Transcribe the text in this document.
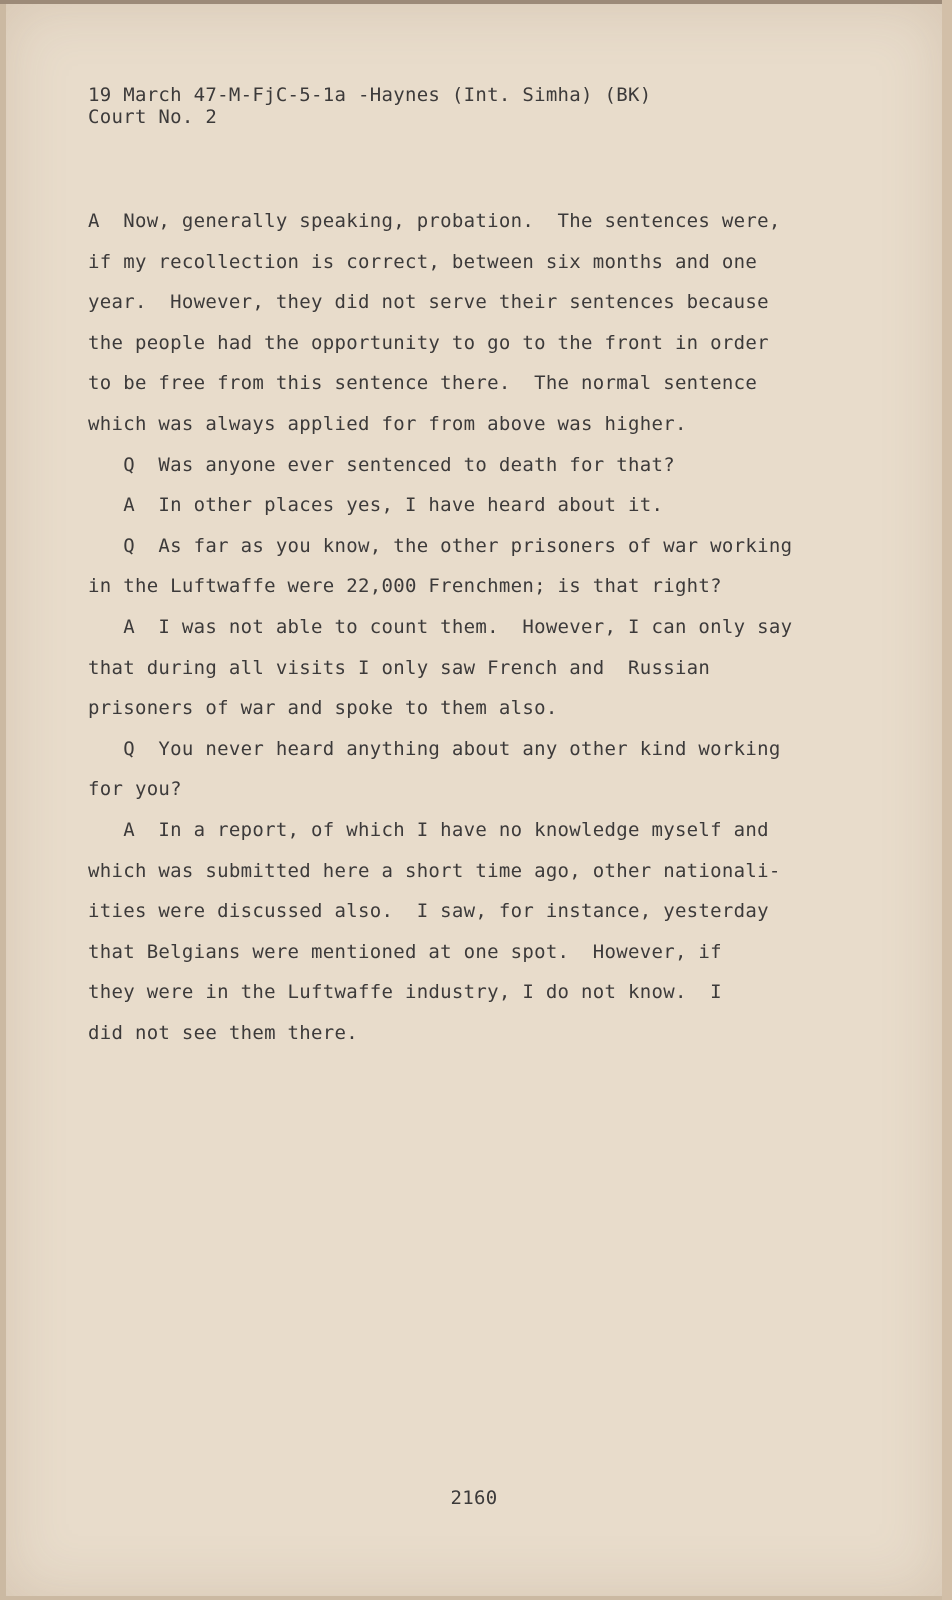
19 March 47-M-FjC-5-1a -Haynes (Int. Simha) (BK)
Court No. 2
A  Now, generally speaking, probation.  The sentences were,
if my recollection is correct, between six months and one
year.  However, they did not serve their sentences because
the people had the opportunity to go to the front in order
to be free from this sentence there.  The normal sentence
which was always applied for from above was higher.
Q  Was anyone ever sentenced to death for that?
A  In other places yes, I have heard about it.
Q  As far as you know, the other prisoners of war working
in the Luftwaffe were 22,000 Frenchmen; is that right?
A  I was not able to count them.  However, I can only say
that during all visits I only saw French and  Russian
prisoners of war and spoke to them also.
Q  You never heard anything about any other kind working
for you?
A  In a report, of which I have no knowledge myself and
which was submitted here a short time ago, other nationali-
ities were discussed also.  I saw, for instance, yesterday
that Belgians were mentioned at one spot.  However, if
they were in the Luftwaffe industry, I do not know.  I
did not see them there.
2160
